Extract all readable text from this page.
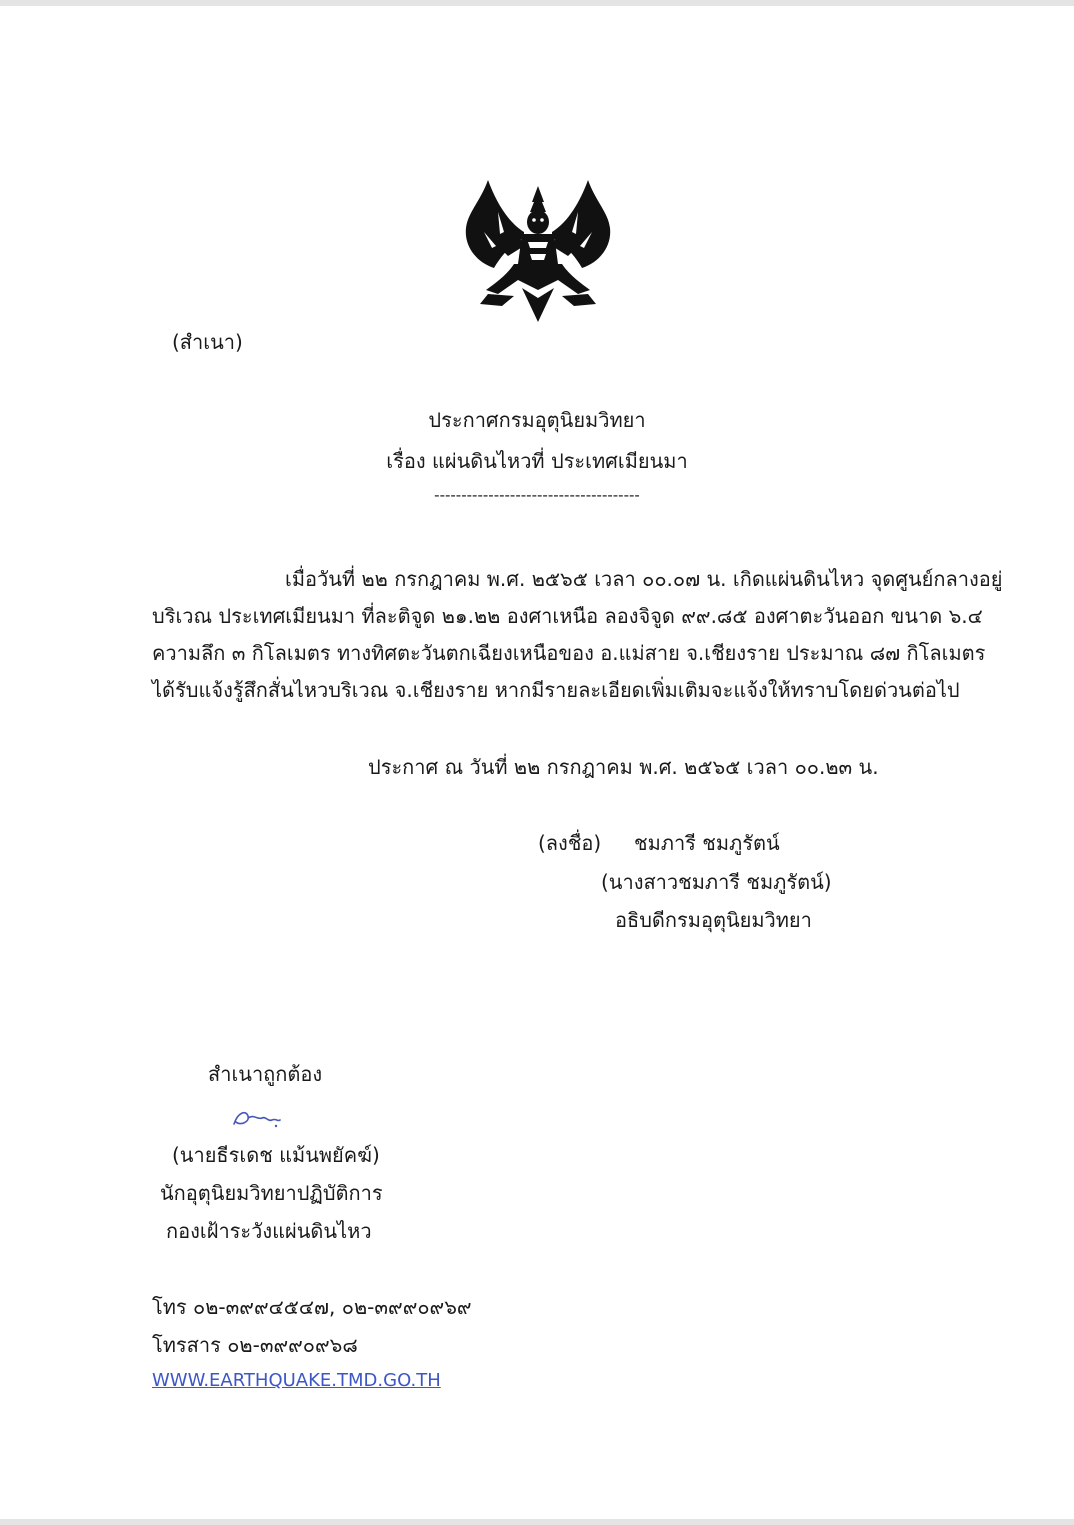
(สำเนา)
ประกาศกรมอุตุนิยมวิทยา
เรื่อง แผ่นดินไหวที่ ประเทศเมียนมา
--------------------------------------
เมื่อวันที่ ๒๒ กรกฎาคม พ.ศ. ๒๕๖๕ เวลา ๐๐.๐๗ น. เกิดแผ่นดินไหว จุดศูนย์กลางอยู่
บริเวณ ประเทศเมียนมา ที่ละติจูด ๒๑.๒๒ องศาเหนือ ลองจิจูด ๙๙.๘๕ องศาตะวันออก ขนาด ๖.๔
ความลึก ๓ กิโลเมตร ทางทิศตะวันตกเฉียงเหนือของ อ.แม่สาย จ.เชียงราย ประมาณ ๘๗ กิโลเมตร
ได้รับแจ้งรู้สึกสั่นไหวบริเวณ จ.เชียงราย หากมีรายละเอียดเพิ่มเติมจะแจ้งให้ทราบโดยด่วนต่อไป
ประกาศ ณ วันที่ ๒๒ กรกฎาคม พ.ศ. ๒๕๖๕ เวลา ๐๐.๒๓ น.
(ลงชื่อ) ชมภารี ชมภูรัตน์
(นางสาวชมภารี ชมภูรัตน์)
อธิบดีกรมอุตุนิยมวิทยา
สำเนาถูกต้อง
(นายธีรเดช แม้นพยัคฆ์)
นักอุตุนิยมวิทยาปฏิบัติการ
กองเฝ้าระวังแผ่นดินไหว
โทร ๐๒-๓๙๙๔๕๔๗, ๐๒-๓๙๙๐๙๖๙
โทรสาร ๐๒-๓๙๙๐๙๖๘
WWW.EARTHQUAKE.TMD.GO.TH
